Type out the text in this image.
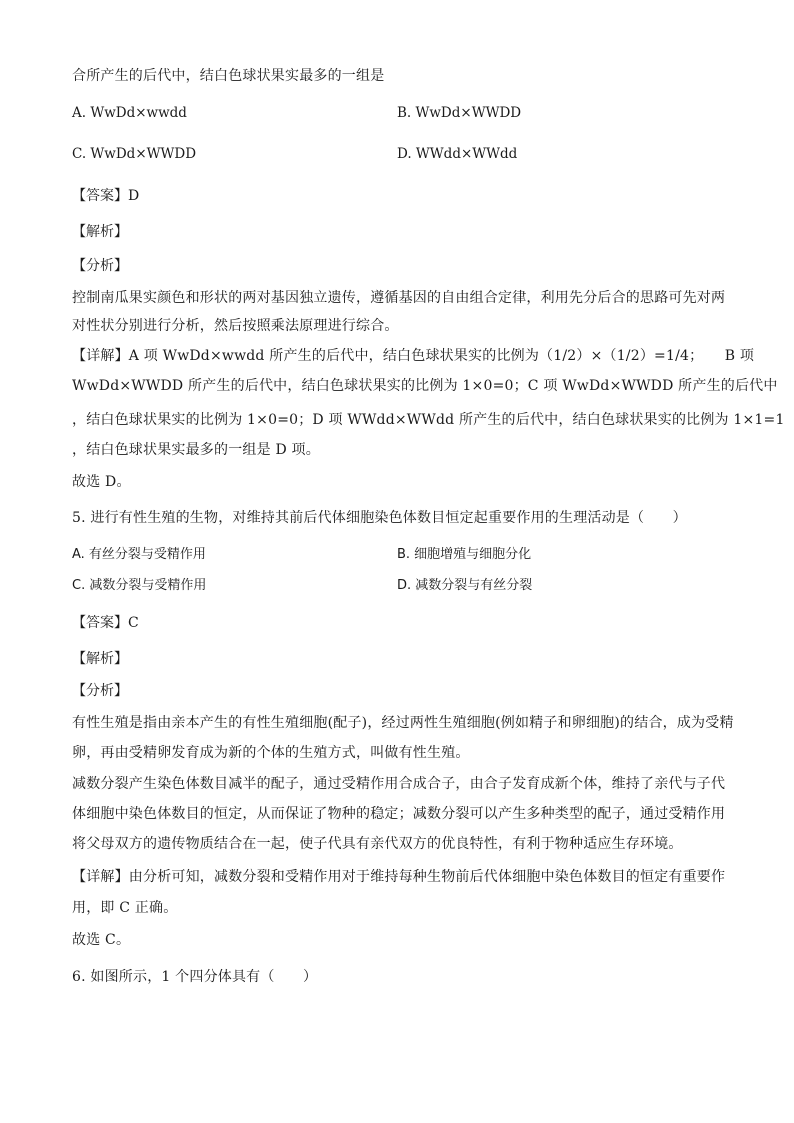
合所产生的后代中，结白色球状果实最多的一组是
A. WwDd×wwdd	B. WwDd×WWDD
C. WwDd×WWDD	D. WWdd×WWdd
【答案】D
【解析】
【分析】
控制南瓜果实颜色和形状的两对基因独立遗传，遵循基因的自由组合定律，利用先分后合的思路可先对两
对性状分别进行分析，然后按照乘法原理进行综合。
【详解】A 项 WwDd×wwdd 所产生的后代中，结白色球状果实的比例为（1/2）×（1/2）=1/4；　　B 项
WwDd×WWDD 所产生的后代中，结白色球状果实的比例为 1×0=0；C 项 WwDd×WWDD 所产生的后代中
，结白色球状果实的比例为 1×0=0；D 项 WWdd×WWdd 所产生的后代中，结白色球状果实的比例为 1×1=1
，结白色球状果实最多的一组是 D 项。
故选 D。
5. 进行有性生殖的生物，对维持其前后代体细胞染色体数目恒定起重要作用的生理活动是（　　）
A. 有丝分裂与受精作用	B. 细胞增殖与细胞分化
C. 减数分裂与受精作用	D. 减数分裂与有丝分裂
【答案】C
【解析】
【分析】
有性生殖是指由亲本产生的有性生殖细胞(配子)，经过两性生殖细胞(例如精子和卵细胞)的结合，成为受精
卵，再由受精卵发育成为新的个体的生殖方式，叫做有性生殖。
减数分裂产生染色体数目减半的配子，通过受精作用合成合子，由合子发育成新个体，维持了亲代与子代
体细胞中染色体数目的恒定，从而保证了物种的稳定；减数分裂可以产生多种类型的配子，通过受精作用
将父母双方的遗传物质结合在一起，使子代具有亲代双方的优良特性，有利于物种适应生存环境。
【详解】由分析可知，减数分裂和受精作用对于维持每种生物前后代体细胞中染色体数目的恒定有重要作
用，即 C 正确。
故选 C。
6. 如图所示，1 个四分体具有（　　）
